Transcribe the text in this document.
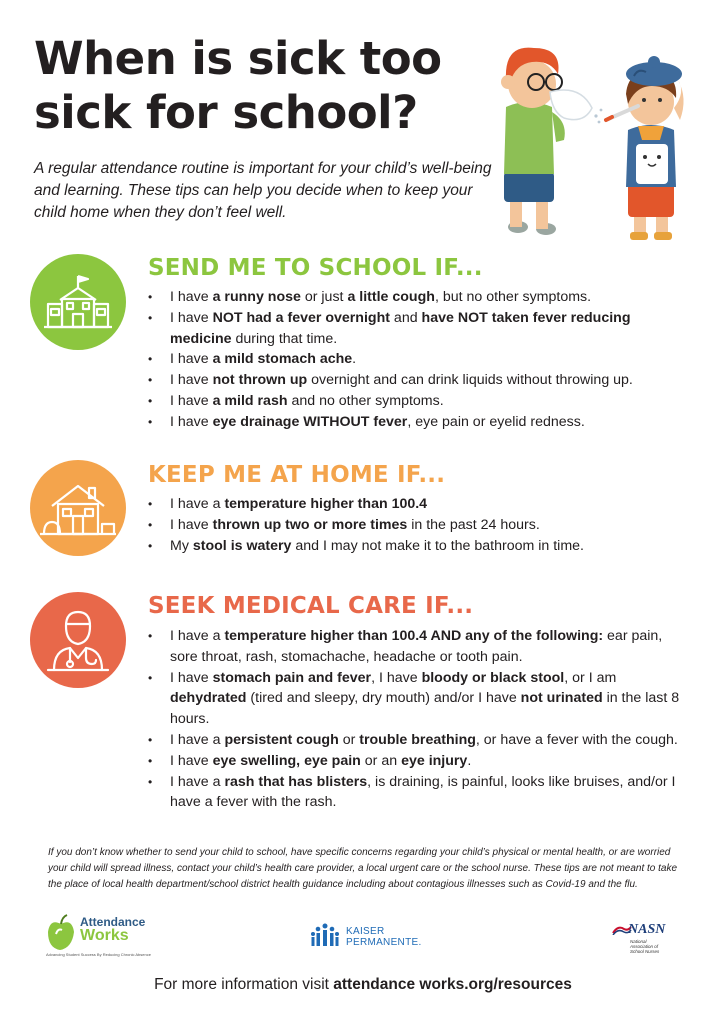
When is sick too
sick for school?

A regular attendance routine is important for your child’s well-being and learning. These tips can help you decide when to keep your child home when they don’t feel well.

SEND ME TO SCHOOL IF...
• I have a runny nose or just a little cough, but no other symptoms.
• I have NOT had a fever overnight and have NOT taken fever reducing medicine during that time.
• I have a mild stomach ache.
• I have not thrown up overnight and can drink liquids without throwing up.
• I have a mild rash and no other symptoms.
• I have eye drainage WITHOUT fever, eye pain or eyelid redness.
KEEP ME AT HOME IF...
• I have a temperature higher than 100.4
• I have thrown up two or more times in the past 24 hours.
• My stool is watery and I may not make it to the bathroom in time.
SEEK MEDICAL CARE IF...
• I have a temperature higher than 100.4 AND any of the following: ear pain, sore throat, rash, stomachache, headache or tooth pain.
• I have stomach pain and fever, I have bloody or black stool, or I am dehydrated (tired and sleepy, dry mouth) and/or I have not urinated in the last 8 hours.
• I have a persistent cough or trouble breathing, or have a fever with the cough.
• I have eye swelling, eye pain or an eye injury.
• I have a rash that has blisters, is draining, is painful, looks like bruises, and/or I have a fever with the rash.

If you don’t know whether to send your child to school, have specific concerns regarding your child’s physical or mental health, or are worried your child will spread illness, contact your child’s health care provider, a local urgent care or the school nurse. These tips are not meant to take the place of local health department/school district health guidance including about contagious illnesses such as Covid-19 and the flu.

Attendance
Works
Advancing Student Success By Reducing Chronic Absence
KAISER
PERMANENTE.
NASN
National
Association of
School Nurses
For more information visit attendance works.org/resources
